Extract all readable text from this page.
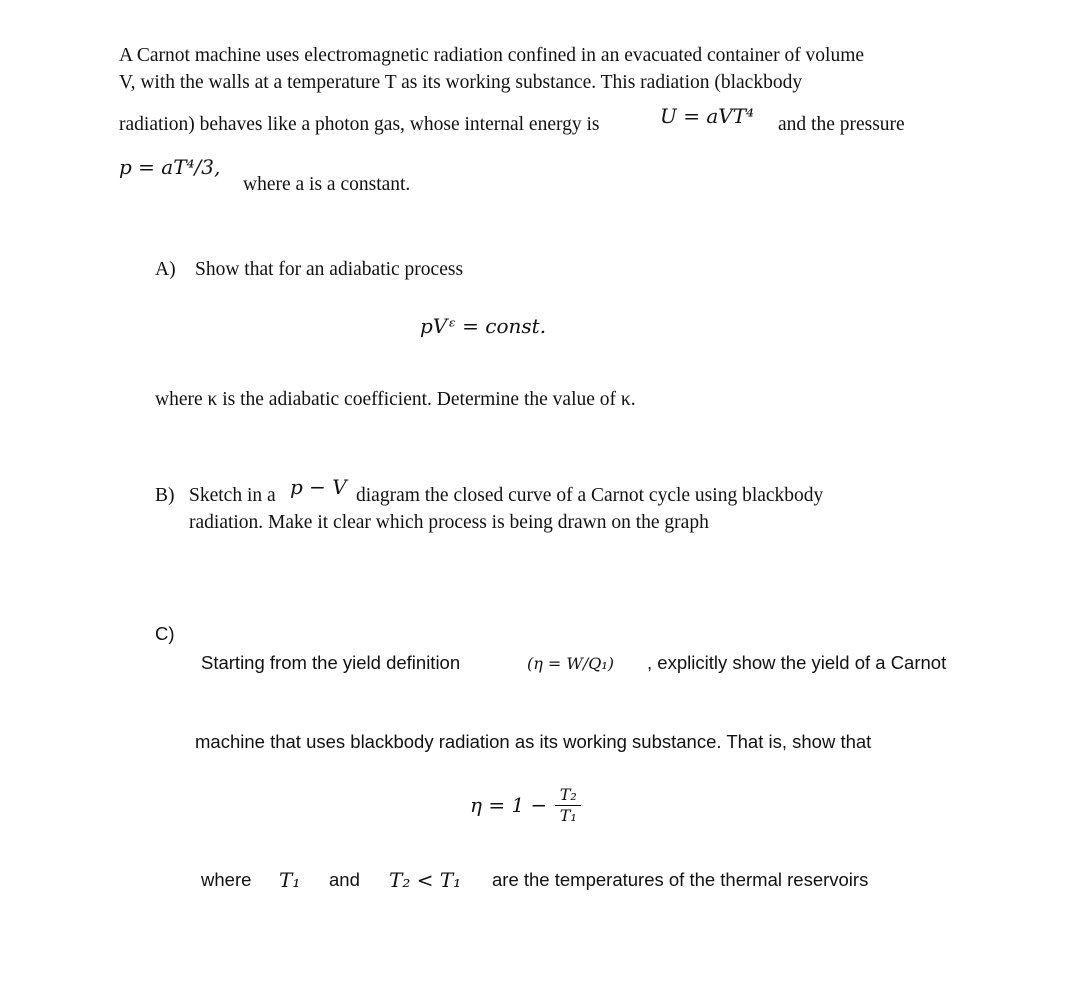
A Carnot machine uses electromagnetic radiation confined in an evacuated container of volume
V, with the walls at a temperature T as its working substance. This radiation (blackbody
radiation) behaves like a photon gas, whose internal energy is	U = aVT⁴ and the pressure
p = aT⁴/3,
where a is a constant.
A) Show that for an adiabatic process
pVᵋ = const.
where κ is the adiabatic coefficient. Determine the value of κ.
B) Sketch in a p − V diagram the closed curve of a Carnot cycle using blackbody
radiation. Make it clear which process is being drawn on the graph
C)
Starting from the yield definition	(η = W/Q₁) , explicitly show the yield of a Carnot
machine that uses blackbody radiation as its working substance. That is, show that
$\eta = 1 - \frac{\text{T₂}}{\text{T₁}}$
where T₁ and T₂ < T₁ are the temperatures of the thermal reservoirs
